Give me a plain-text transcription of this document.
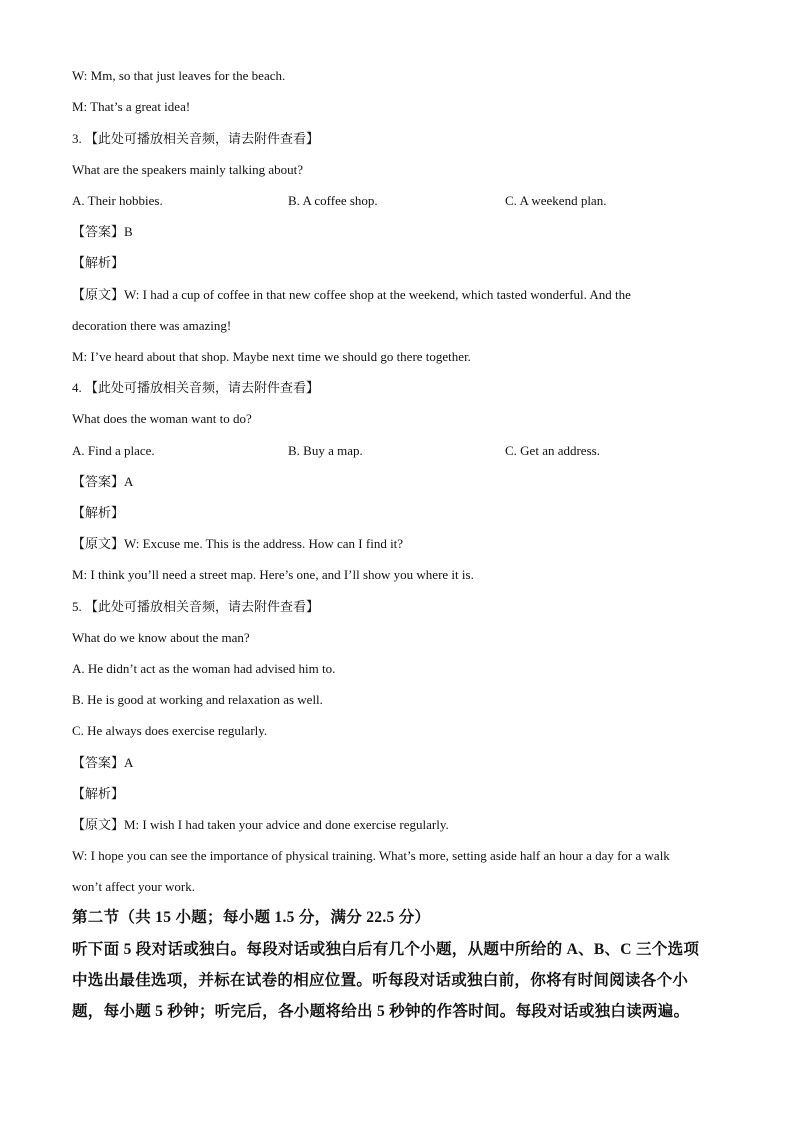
W: Mm, so that just leaves for the beach.
M: That’s a great idea!
3. 【此处可播放相关音频，请去附件查看】
What are the speakers mainly talking about?
A. Their hobbies.	B. A coffee shop.	C. A weekend plan.
【答案】B
【解析】
【原文】W: I had a cup of coffee in that new coffee shop at the weekend, which tasted wonderful. And the
decoration there was amazing!
M: I’ve heard about that shop. Maybe next time we should go there together.
4. 【此处可播放相关音频，请去附件查看】
What does the woman want to do?
A. Find a place.	B. Buy a map.	C. Get an address.
【答案】A
【解析】
【原文】W: Excuse me. This is the address. How can I find it?
M: I think you’ll need a street map. Here’s one, and I’ll show you where it is.
5. 【此处可播放相关音频，请去附件查看】
What do we know about the man?
A. He didn’t act as the woman had advised him to.
B. He is good at working and relaxation as well.
C. He always does exercise regularly.
【答案】A
【解析】
【原文】M: I wish I had taken your advice and done exercise regularly.
W: I hope you can see the importance of physical training. What’s more, setting aside half an hour a day for a walk
won’t affect your work.
第二节（共 15 小题；每小题 1.5 分，满分 22.5 分）
听下面 5 段对话或独白。每段对话或独白后有几个小题，从题中所给的 A、B、C 三个选项
中选出最佳选项，并标在试卷的相应位置。听每段对话或独白前，你将有时间阅读各个小
题，每小题 5 秒钟；听完后，各小题将给出 5 秒钟的作答时间。每段对话或独白读两遍。
